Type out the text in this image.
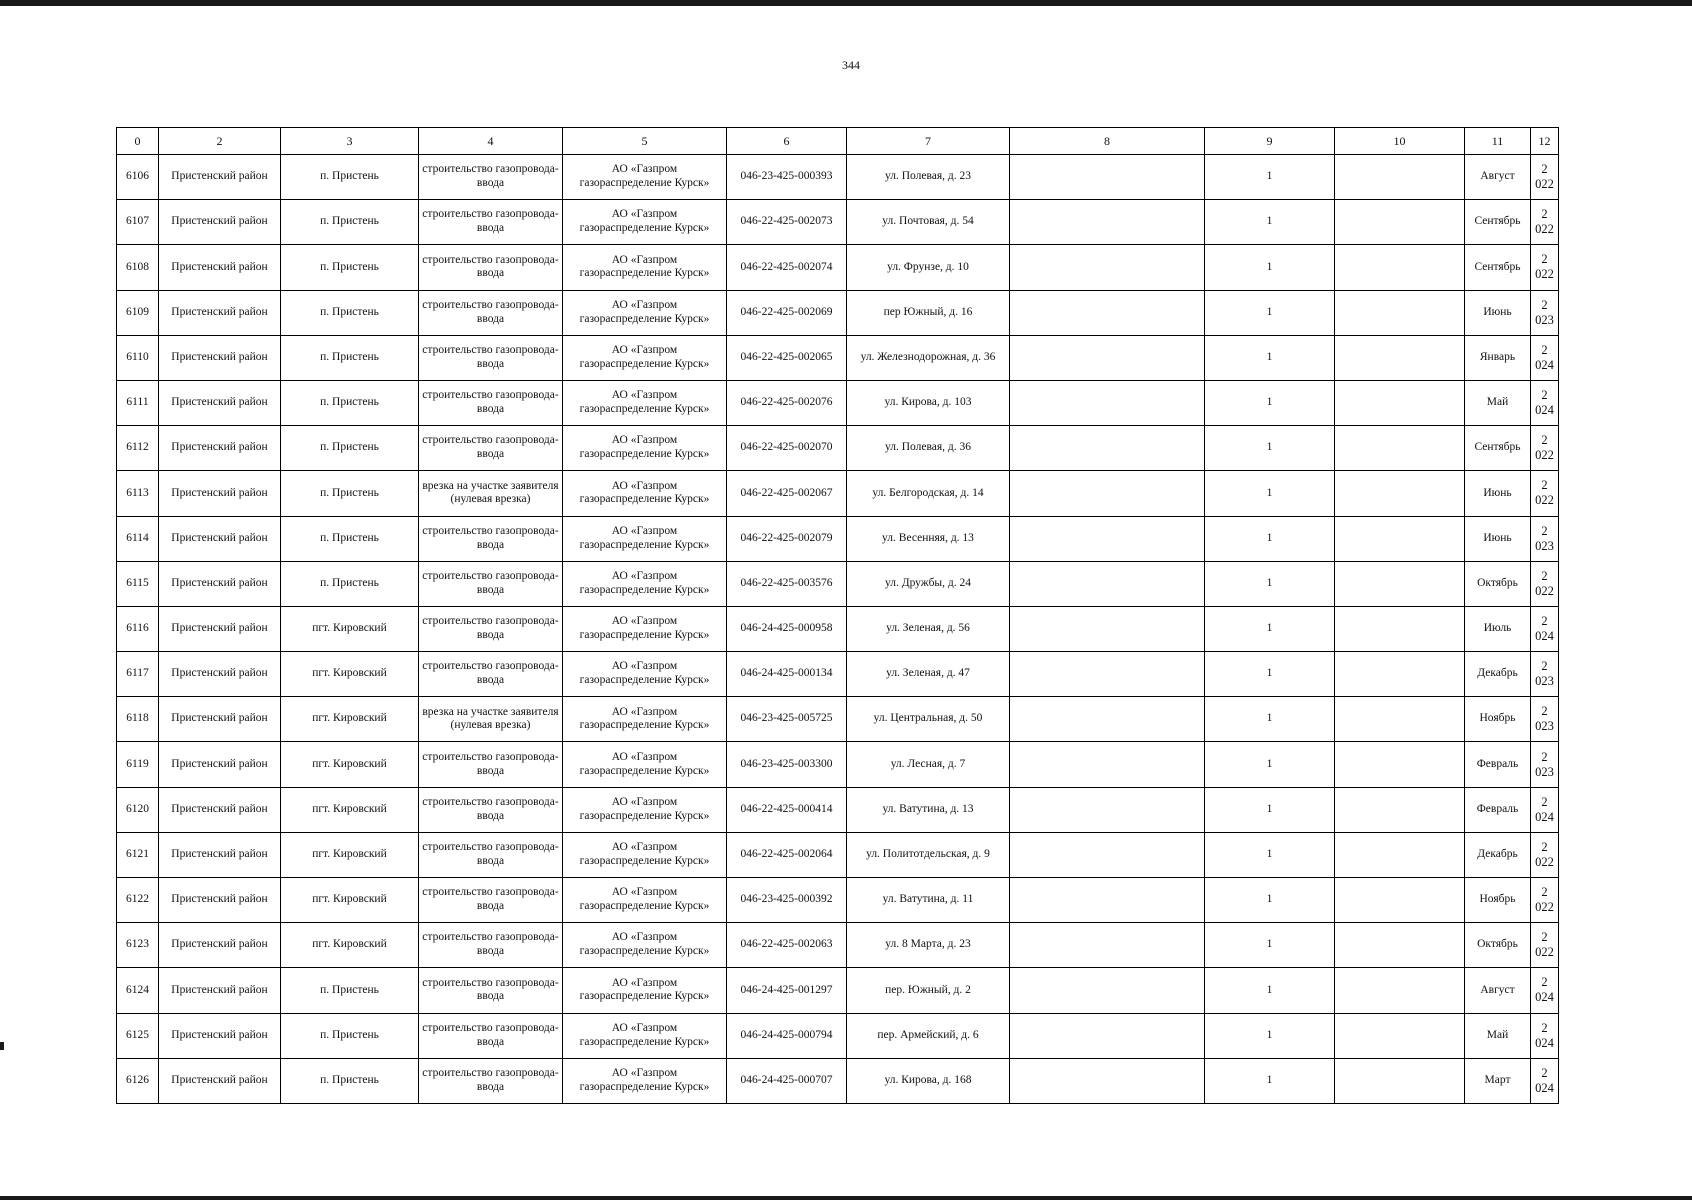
344
0	2	3	4	5	6	7	8	9	10	11	12
6106	Пристенский район	п. Пристень	строительство газопровода-ввода	АО «Газпром газораспределение Курск»	046-23-425-000393	ул. Полевая, д. 23		1		Август	2 022
6107	Пристенский район	п. Пристень	строительство газопровода-ввода	АО «Газпром газораспределение Курск»	046-22-425-002073	ул. Почтовая, д. 54		1		Сентябрь	2 022
6108	Пристенский район	п. Пристень	строительство газопровода-ввода	АО «Газпром газораспределение Курск»	046-22-425-002074	ул. Фрунзе, д. 10		1		Сентябрь	2 022
6109	Пристенский район	п. Пристень	строительство газопровода-ввода	АО «Газпром газораспределение Курск»	046-22-425-002069	пер Южный, д. 16		1		Июнь	2 023
6110	Пристенский район	п. Пристень	строительство газопровода-ввода	АО «Газпром газораспределение Курск»	046-22-425-002065	ул. Железнодорожная, д. 36		1		Январь	2 024
6111	Пристенский район	п. Пристень	строительство газопровода-ввода	АО «Газпром газораспределение Курск»	046-22-425-002076	ул. Кирова, д. 103		1		Май	2 024
6112	Пристенский район	п. Пристень	строительство газопровода-ввода	АО «Газпром газораспределение Курск»	046-22-425-002070	ул. Полевая, д. 36		1		Сентябрь	2 022
6113	Пристенский район	п. Пристень	врезка на участке заявителя (нулевая врезка)	АО «Газпром газораспределение Курск»	046-22-425-002067	ул. Белгородская, д. 14		1		Июнь	2 022
6114	Пристенский район	п. Пристень	строительство газопровода-ввода	АО «Газпром газораспределение Курск»	046-22-425-002079	ул. Весенняя, д. 13		1		Июнь	2 023
6115	Пристенский район	п. Пристень	строительство газопровода-ввода	АО «Газпром газораспределение Курск»	046-22-425-003576	ул. Дружбы, д. 24		1		Октябрь	2 022
6116	Пристенский район	пгт. Кировский	строительство газопровода-ввода	АО «Газпром газораспределение Курск»	046-24-425-000958	ул. Зеленая, д. 56		1		Июль	2 024
6117	Пристенский район	пгт. Кировский	строительство газопровода-ввода	АО «Газпром газораспределение Курск»	046-24-425-000134	ул. Зеленая, д. 47		1		Декабрь	2 023
6118	Пристенский район	пгт. Кировский	врезка на участке заявителя (нулевая врезка)	АО «Газпром газораспределение Курск»	046-23-425-005725	ул. Центральная, д. 50		1		Ноябрь	2 023
6119	Пристенский район	пгт. Кировский	строительство газопровода-ввода	АО «Газпром газораспределение Курск»	046-23-425-003300	ул. Лесная, д. 7		1		Февраль	2 023
6120	Пристенский район	пгт. Кировский	строительство газопровода-ввода	АО «Газпром газораспределение Курск»	046-22-425-000414	ул. Ватутина, д. 13		1		Февраль	2 024
6121	Пристенский район	пгт. Кировский	строительство газопровода-ввода	АО «Газпром газораспределение Курск»	046-22-425-002064	ул. Политотдельская, д. 9		1		Декабрь	2 022
6122	Пристенский район	пгт. Кировский	строительство газопровода-ввода	АО «Газпром газораспределение Курск»	046-23-425-000392	ул. Ватутина, д. 11		1		Ноябрь	2 022
6123	Пристенский район	пгт. Кировский	строительство газопровода-ввода	АО «Газпром газораспределение Курск»	046-22-425-002063	ул. 8 Марта, д. 23		1		Октябрь	2 022
6124	Пристенский район	п. Пристень	строительство газопровода-ввода	АО «Газпром газораспределение Курск»	046-24-425-001297	пер. Южный, д. 2		1		Август	2 024
6125	Пристенский район	п. Пристень	строительство газопровода-ввода	АО «Газпром газораспределение Курск»	046-24-425-000794	пер. Армейский, д. 6		1		Май	2 024
6126	Пристенский район	п. Пристень	строительство газопровода-ввода	АО «Газпром газораспределение Курск»	046-24-425-000707	ул. Кирова, д. 168		1		Март	2 024
